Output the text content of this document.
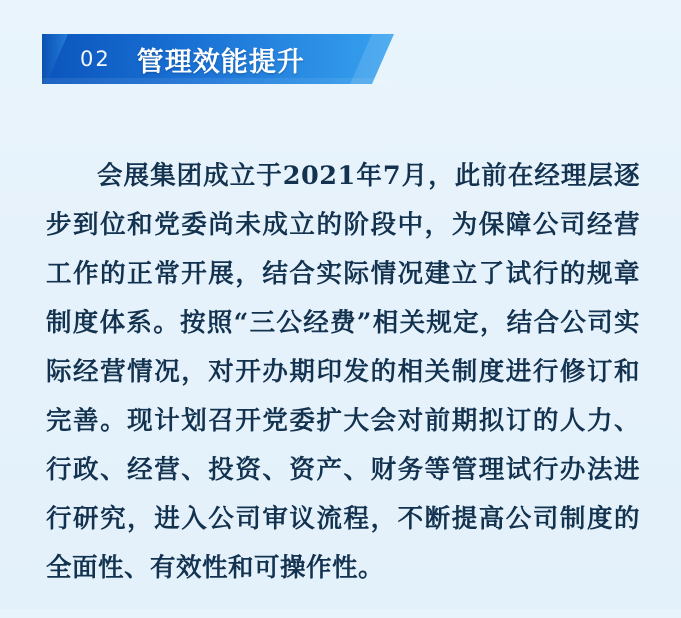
02 管理效能提升

会展集团成立于2021年7月，此前在经理层逐步到位和党委尚未成立的阶段中，为保障公司经营工作的正常开展，结合实际情况建立了试行的规章制度体系。按照“三公经费”相关规定，结合公司实际经营情况，对开办期印发的相关制度进行修订和完善。现计划召开党委扩大会对前期拟订的人力、行政、经营、投资、资产、财务等管理试行办法进行研究，进入公司审议流程，不断提高公司制度的全面性、有效性和可操作性。
